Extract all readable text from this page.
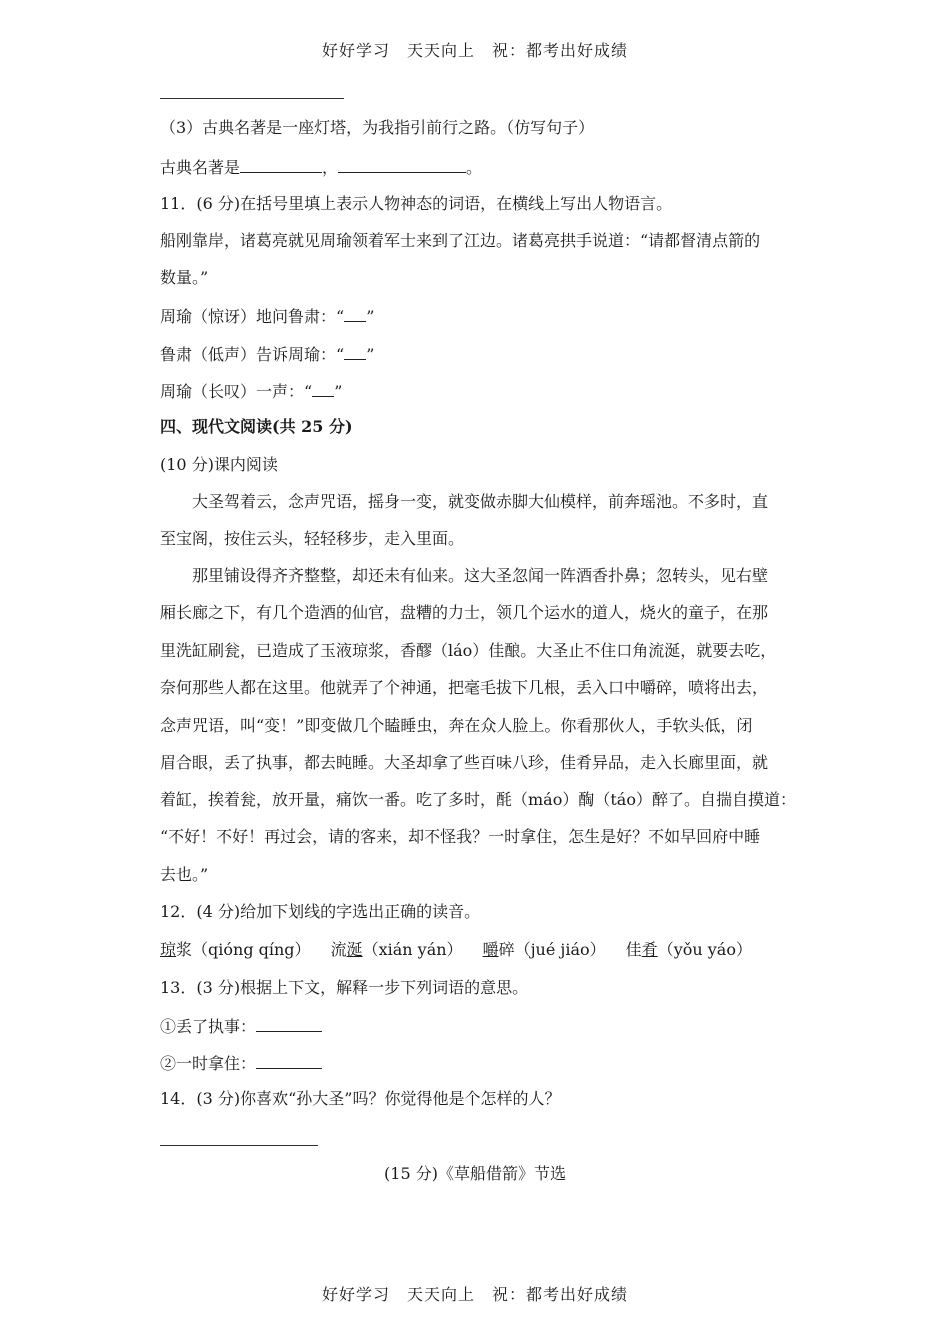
好好学习　天天向上　祝：都考出好成绩
（3）古典名著是一座灯塔，为我指引前行之路。（仿写句子）
古典名著是	，	。
11．(6 分)在括号里填上表示人物神态的词语，在横线上写出人物语言。
船刚靠岸，诸葛亮就见周瑜领着军士来到了江边。诸葛亮拱手说道：“请都督清点箭的
数量。”
周瑜（惊讶）地问鲁肃：“ ”
鲁肃（低声）告诉周瑜：“ ”
周瑜（长叹）一声：“ ”
四、现代文阅读(共 25 分)
(10 分)课内阅读
大圣驾着云，念声咒语，摇身一变，就变做赤脚大仙模样，前奔瑶池。不多时，直
至宝阁，按住云头，轻轻移步，走入里面。
那里铺设得齐齐整整，却还未有仙来。这大圣忽闻一阵酒香扑鼻；忽转头，见右壁
厢长廊之下，有几个造酒的仙官，盘糟的力士，领几个运水的道人，烧火的童子，在那
里洗缸刷瓮，已造成了玉液琼浆，香醪（láo）佳酿。大圣止不住口角流涎，就要去吃，
奈何那些人都在这里。他就弄了个神通，把毫毛拔下几根，丢入口中嚼碎，喷将出去，
念声咒语，叫“变！”即变做几个瞌睡虫，奔在众人脸上。你看那伙人，手软头低，闭
眉合眼，丢了执事，都去盹睡。大圣却拿了些百味八珍，佳肴异品，走入长廊里面，就
着缸，挨着瓮，放开量，痛饮一番。吃了多时，酕（máo）醄（táo）醉了。自揣自摸道：
“不好！不好！再过会，请的客来，却不怪我？一时拿住，怎生是好？不如早回府中睡
去也。”
12．(4 分)给加下划线的字选出正确的读音。
琼浆（qióng qíng） 流涎（xián yán） 嚼碎（jué jiáo） 佳肴（yǒu yáo）
13．(3 分)根据上下文，解释一步下列词语的意思。
①丢了执事：
②一时拿住：
14．(3 分)你喜欢“孙大圣”吗？你觉得他是个怎样的人？
(15 分)《草船借箭》节选
好好学习　天天向上　祝：都考出好成绩
